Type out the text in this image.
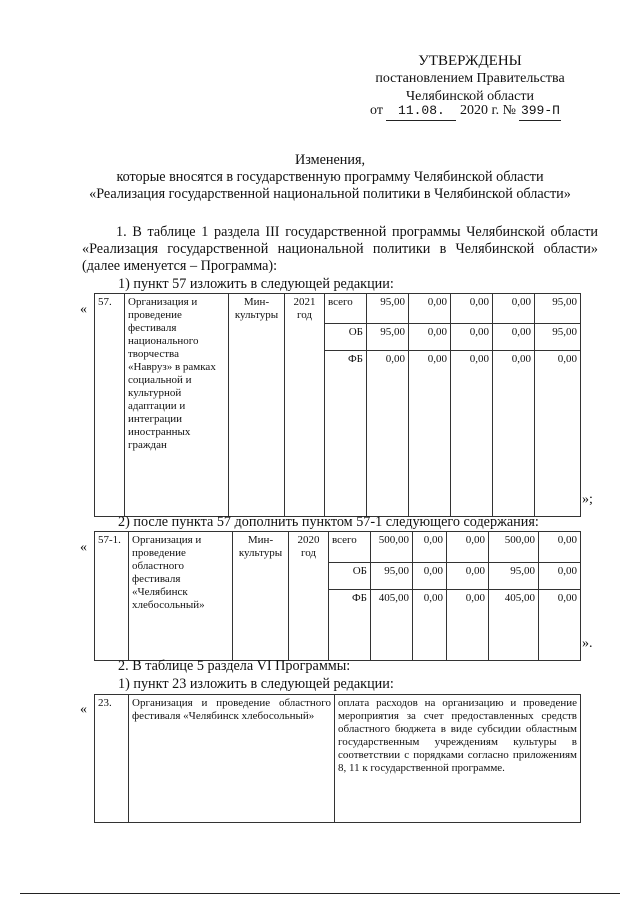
УТВЕРЖДЕНЫ
постановлением Правительства
Челябинской области
от 11.08. 2020 г. № 399-П
Изменения,
которые вносятся в государственную программу Челябинской области
«Реализация государственной национальной политики в Челябинской области»
1. В таблице 1 раздела III государственной программы Челябинской области «Реализация государственной национальной политики в Челябинской области» (далее именуется – Программа):
1) пункт 57 изложить в следующей редакции:
« 57.	Организация и проведение фестиваля национального творчества «Навруз» в рамках социальной и культурной адаптации и интеграции иностранных граждан	Мин-культуры	2021 год	всего	95,00	0,00	0,00	0,00	95,00
				ОБ	95,00	0,00	0,00	0,00	95,00
				ФБ	0,00	0,00	0,00	0,00	0,00
»;
2) после пункта 57 дополнить пунктом 57-1 следующего содержания:
« 57-1.	Организация и проведение областного фестиваля «Челябинск хлебосольный»	Мин-культуры	2020 год	всего	500,00	0,00	0,00	500,00	0,00
				ОБ	95,00	0,00	0,00	95,00	0,00
				ФБ	405,00	0,00	0,00	405,00	0,00
».
2. В таблице 5 раздела VI Программы:
1) пункт 23 изложить в следующей редакции:
« 23.	Организация и проведение областного фестиваля «Челябинск хлебосольный»	оплата расходов на организацию и проведение мероприятия за счет предоставленных средств областного бюджета в виде субсидии областным государственным учреждениям культуры в соответствии с порядками согласно приложениям 8, 11 к государственной программе.
